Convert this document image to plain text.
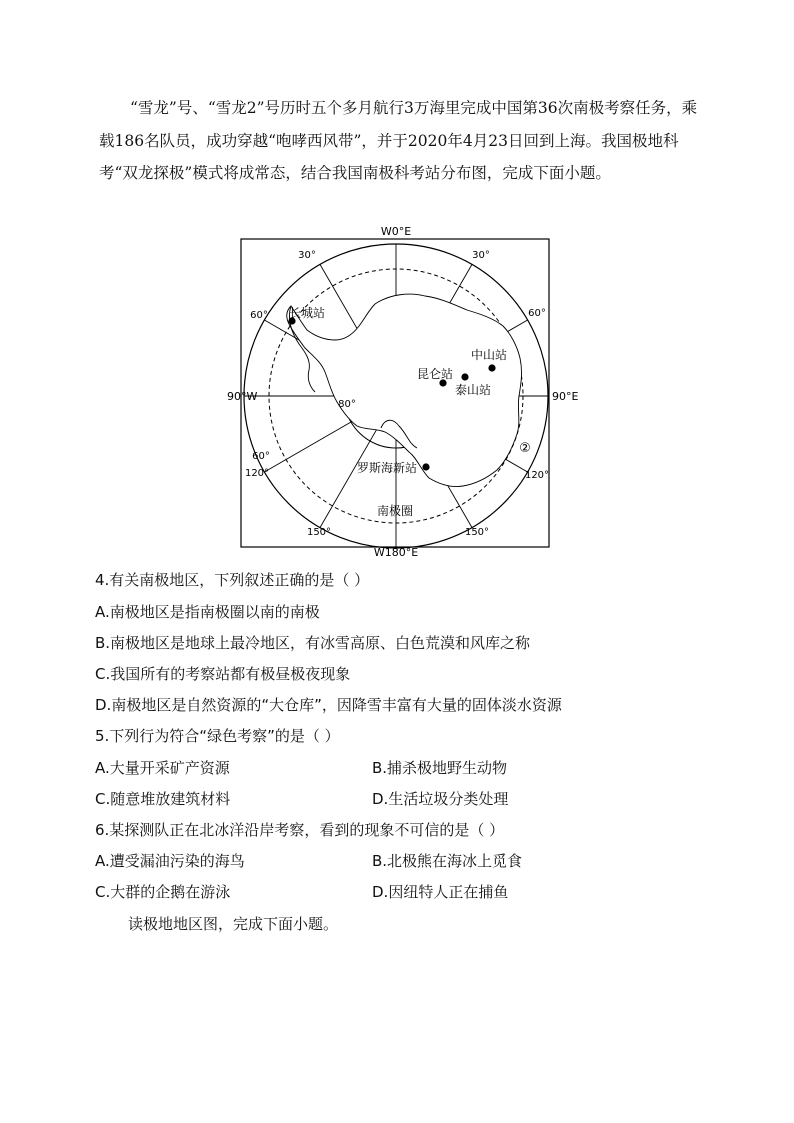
“雪龙”号、“雪龙2”号历时五个多月航行3万海里完成中国第36次南极考察任务，乘载186名队员，成功穿越“咆哮西风带”，并于2020年4月23日回到上海。我国极地科考“双龙探极”模式将成常态，结合我国南极科考站分布图，完成下面小题。

W0°E
W180°E
90°W	90°E
30°	30°
60°	60°
120°	120°
150°	150°
60°
80°
长城站
中山站
昆仑站
泰山站
罗斯海新站
南极圈
②
4.有关南极地区，下列叙述正确的是（ ）
A.南极地区是指南极圈以南的南极
B.南极地区是地球上最冷地区，有冰雪高原、白色荒漠和风库之称
C.我国所有的考察站都有极昼极夜现象
D.南极地区是自然资源的“大仓库”，因降雪丰富有大量的固体淡水资源
5.下列行为符合“绿色考察”的是（ ）
A.大量开采矿产资源	B.捕杀极地野生动物
C.随意堆放建筑材料	D.生活垃圾分类处理
6.某探测队正在北冰洋沿岸考察，看到的现象不可信的是（ ）
A.遭受漏油污染的海鸟	B.北极熊在海冰上觅食
C.大群的企鹅在游泳	D.因纽特人正在捕鱼
读极地地区图，完成下面小题。
